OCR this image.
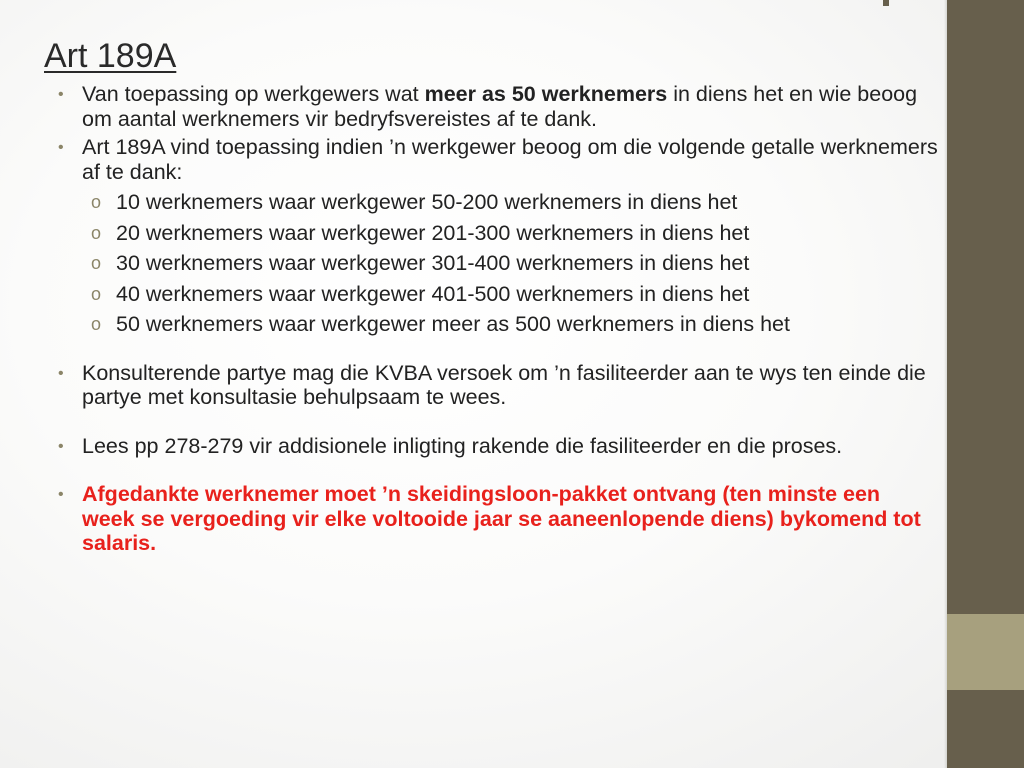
Art 189A
• Van toepassing op werkgewers wat meer as 50 werknemers in diens het en wie beoog om aantal werknemers vir bedryfsvereistes af te dank.
• Art 189A vind toepassing indien ’n werkgewer beoog om die volgende getalle werknemers af te dank:
o 10 werknemers waar werkgewer 50-200 werknemers in diens het
o 20 werknemers waar werkgewer 201-300 werknemers in diens het
o 30 werknemers waar werkgewer 301-400 werknemers in diens het
o 40 werknemers waar werkgewer 401-500 werknemers in diens het
o 50 werknemers waar werkgewer meer as 500 werknemers in diens het
• Konsulterende partye mag die KVBA versoek om ’n fasiliteerder aan te wys ten einde die partye met konsultasie behulpsaam te wees.
• Lees pp 278-279 vir addisionele inligting rakende die fasiliteerder en die proses.
• Afgedankte werknemer moet ’n skeidingsloon-pakket ontvang (ten minste een week se vergoeding vir elke voltooide jaar se aaneenlopende diens) bykomend tot salaris.
